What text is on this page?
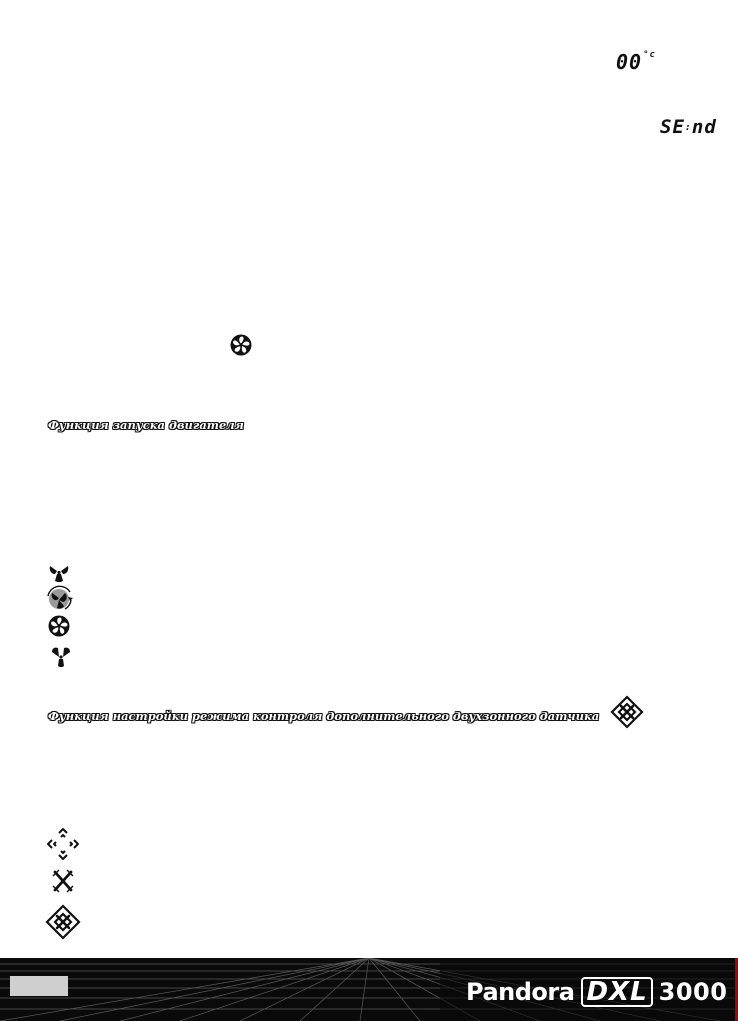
$00^{^\circ c}$
SE:nd
Функция запуска двигателя
Функция настройки режима контроля дополнительного двухзонного датчика
Pandora DXL 3000
